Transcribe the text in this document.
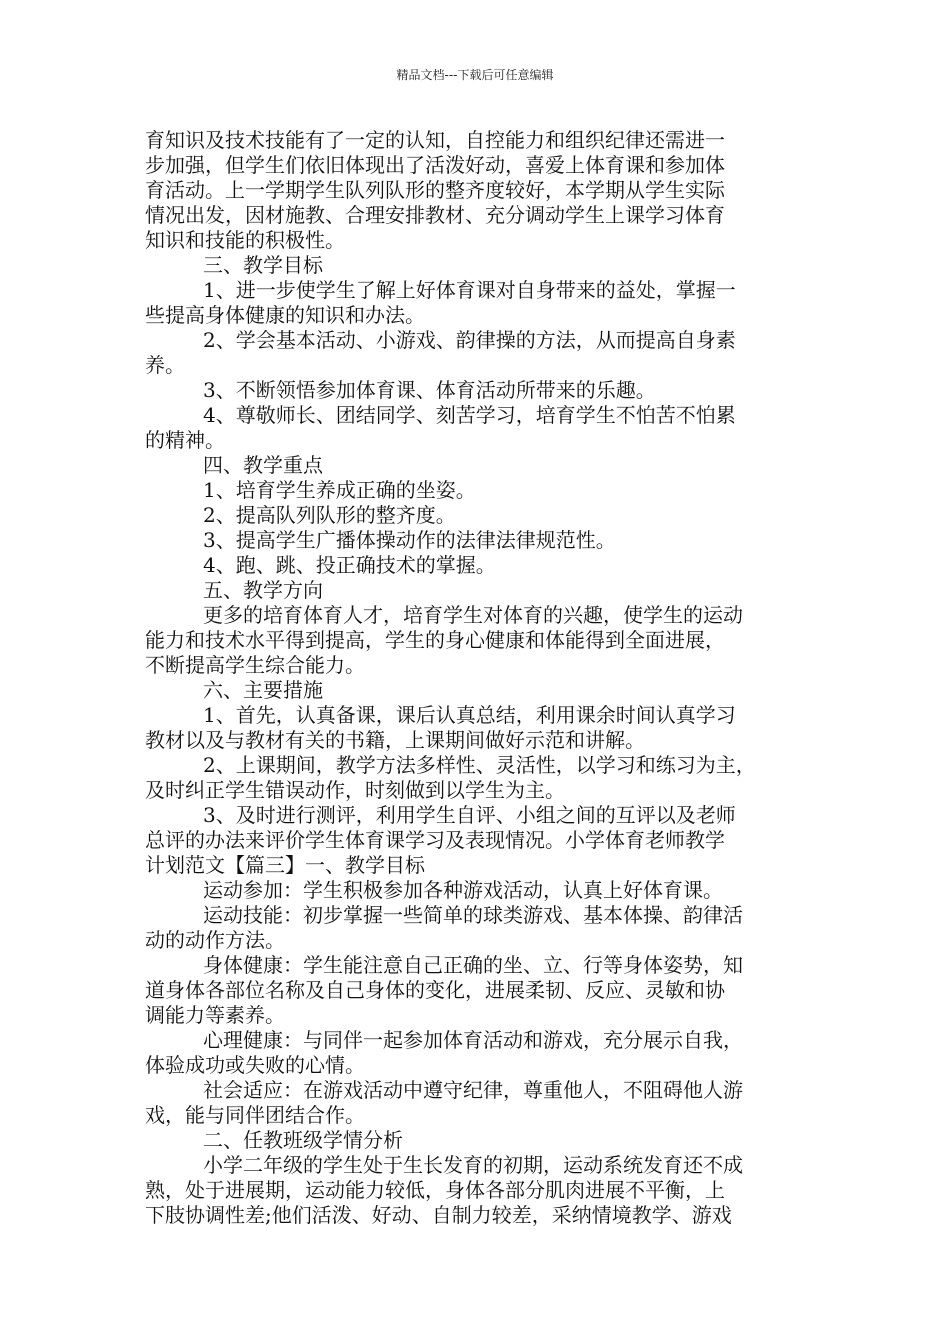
精品文档---下载后可任意编辑
育知识及技术技能有了一定的认知，自控能力和组织纪律还需进一
步加强，但学生们依旧体现出了活泼好动，喜爱上体育课和参加体
育活动。上一学期学生队列队形的整齐度较好，本学期从学生实际
情况出发，因材施教、合理安排教材、充分调动学生上课学习体育
知识和技能的积极性。
三、教学目标
1、进一步使学生了解上好体育课对自身带来的益处，掌握一
些提高身体健康的知识和办法。
2、学会基本活动、小游戏、韵律操的方法，从而提高自身素
养。
3、不断领悟参加体育课、体育活动所带来的乐趣。
4、尊敬师长、团结同学、刻苦学习，培育学生不怕苦不怕累
的精神。
四、教学重点
1、培育学生养成正确的坐姿。
2、提高队列队形的整齐度。
3、提高学生广播体操动作的法律法律规范性。
4、跑、跳、投正确技术的掌握。
五、教学方向
更多的培育体育人才，培育学生对体育的兴趣，使学生的运动
能力和技术水平得到提高，学生的身心健康和体能得到全面进展，
不断提高学生综合能力。
六、主要措施
1、首先，认真备课，课后认真总结，利用课余时间认真学习
教材以及与教材有关的书籍，上课期间做好示范和讲解。
2、上课期间，教学方法多样性、灵活性，以学习和练习为主，
及时纠正学生错误动作，时刻做到以学生为主。
3、及时进行测评，利用学生自评、小组之间的互评以及老师
总评的办法来评价学生体育课学习及表现情况。小学体育老师教学
计划范文【篇三】一、教学目标
运动参加：学生积极参加各种游戏活动，认真上好体育课。
运动技能：初步掌握一些简单的球类游戏、基本体操、韵律活
动的动作方法。
身体健康：学生能注意自己正确的坐、立、行等身体姿势，知
道身体各部位名称及自己身体的变化，进展柔韧、反应、灵敏和协
调能力等素养。
心理健康：与同伴一起参加体育活动和游戏，充分展示自我，
体验成功或失败的心情。
社会适应：在游戏活动中遵守纪律，尊重他人，不阻碍他人游
戏，能与同伴团结合作。
二、任教班级学情分析
小学二年级的学生处于生长发育的初期，运动系统发育还不成
熟，处于进展期，运动能力较低，身体各部分肌肉进展不平衡，上
下肢协调性差;他们活泼、好动、自制力较差，采纳情境教学、游戏
